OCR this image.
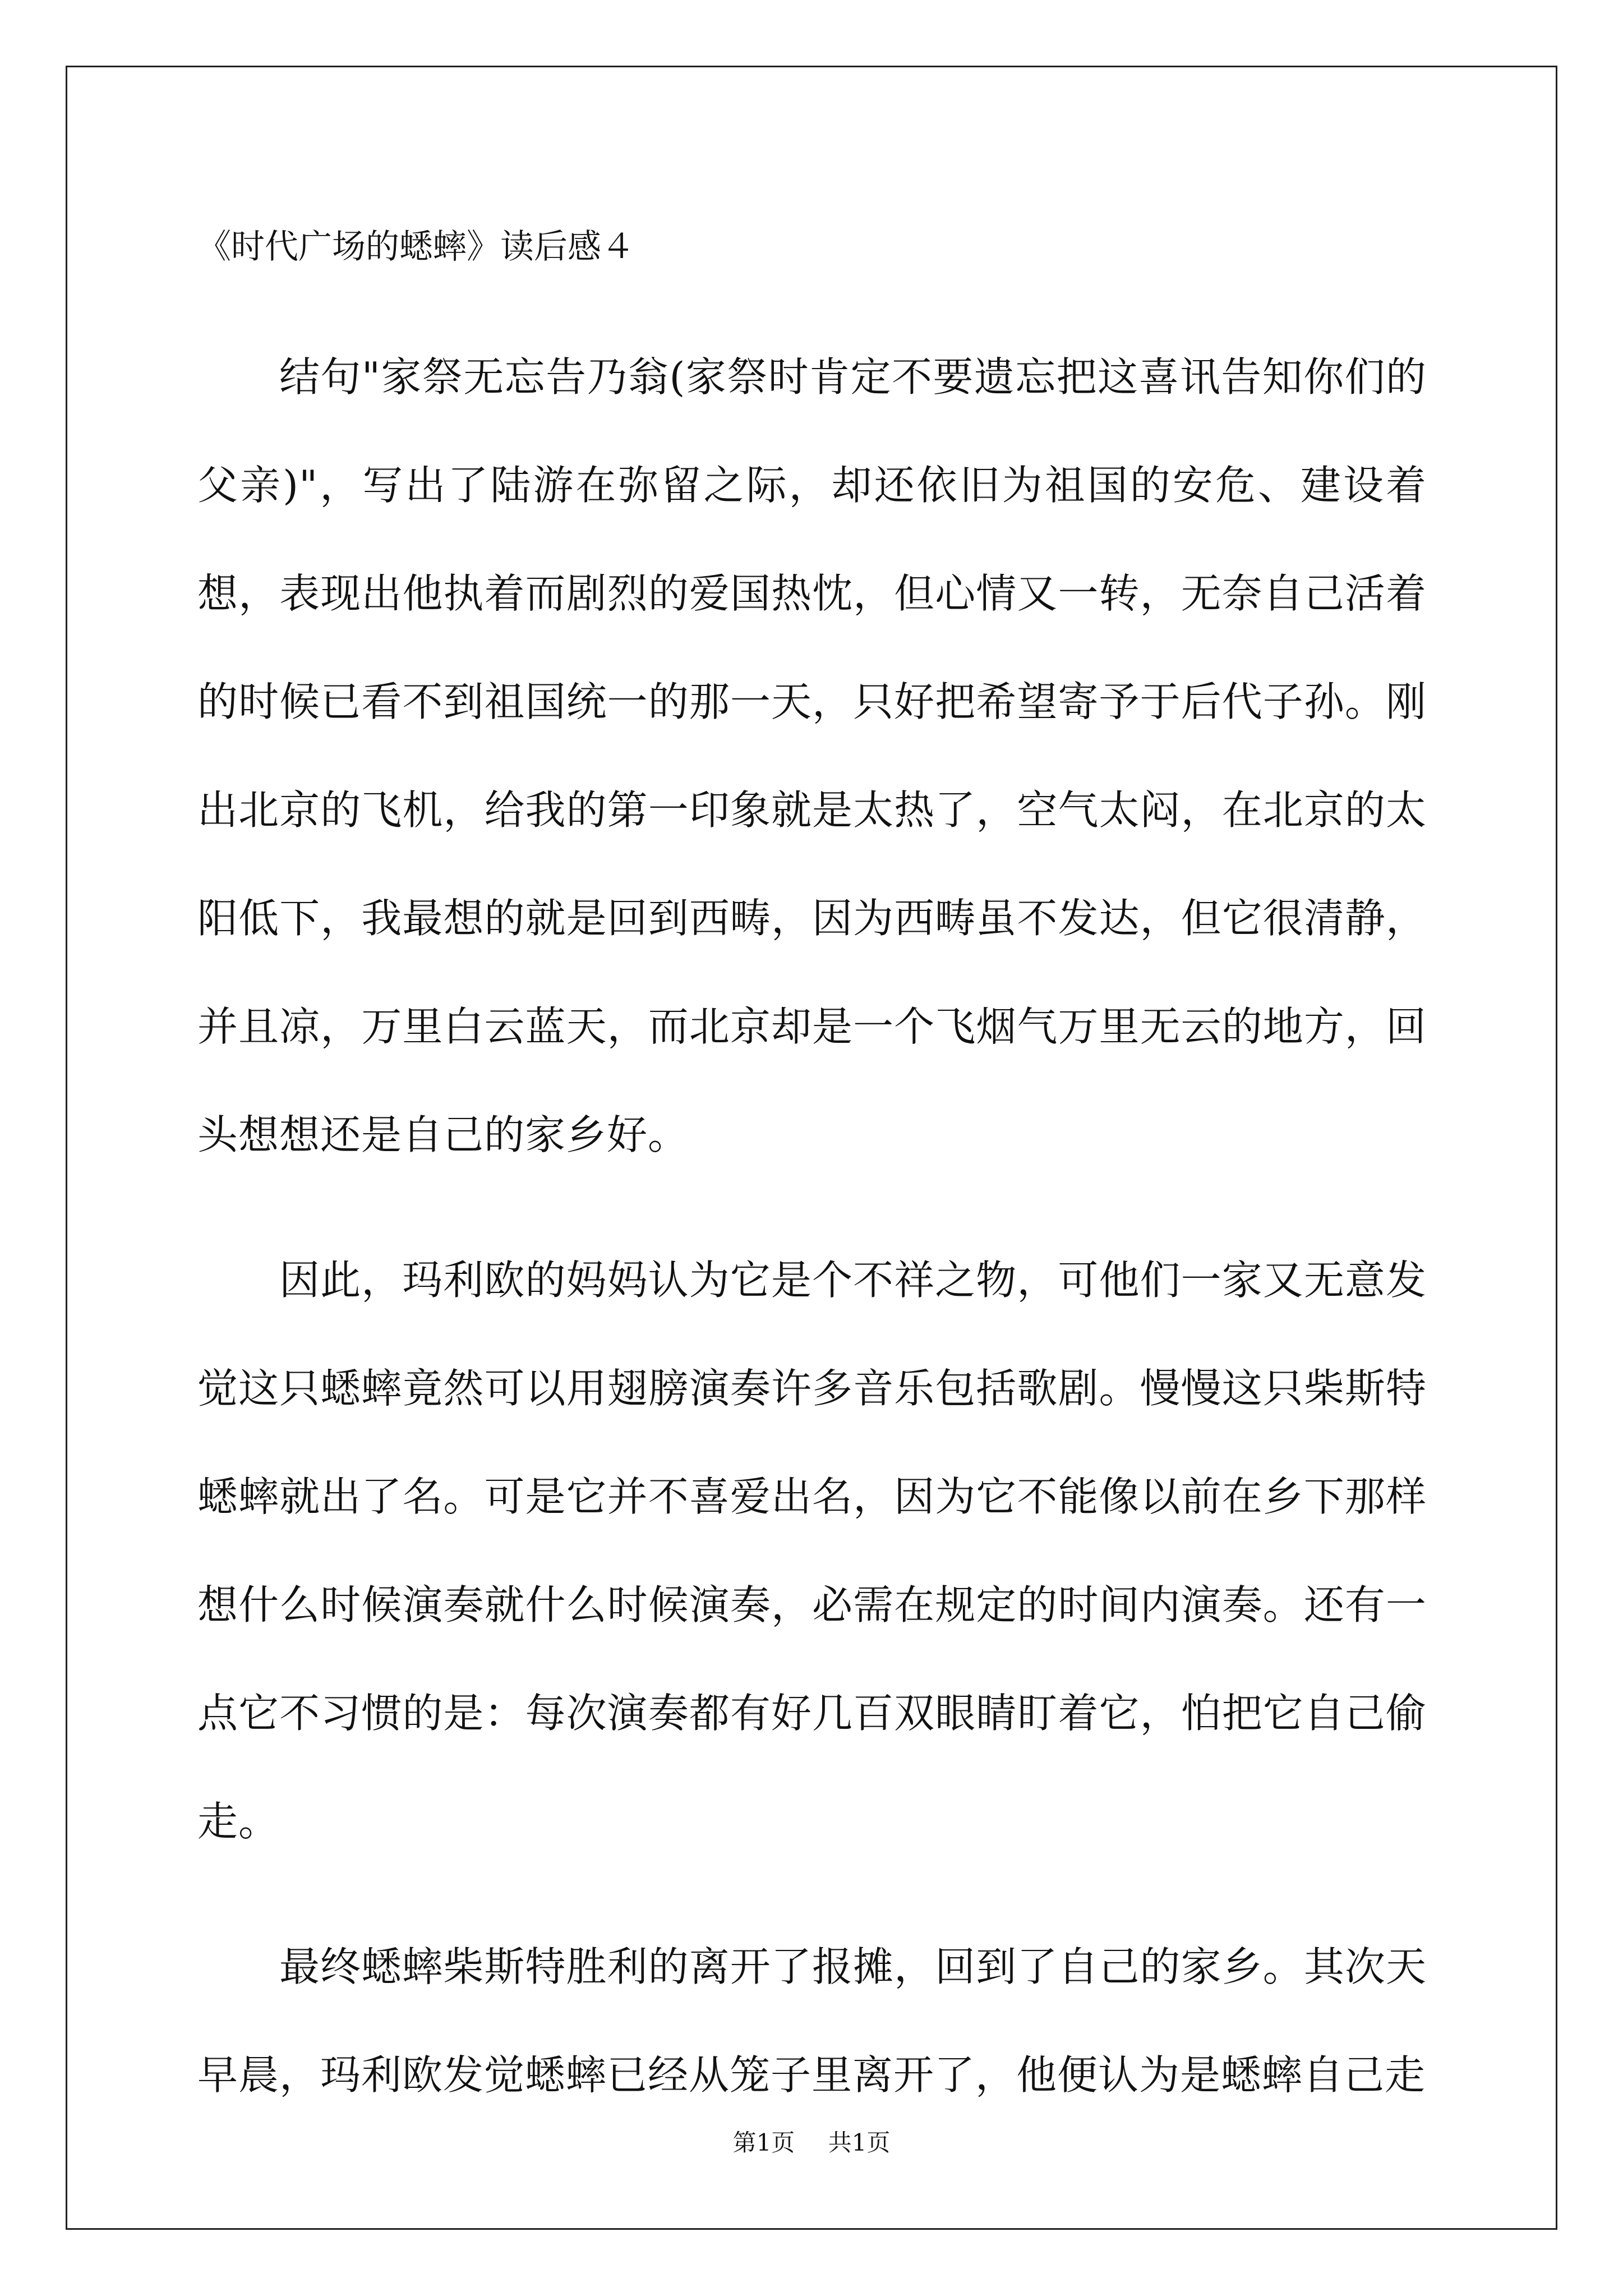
《时代广场的蟋蟀》读后感４

结句"家祭无忘告乃翁(家祭时肯定不要遗忘把这喜讯告知你们的父亲)"，写出了陆游在弥留之际，却还依旧为祖国的安危、建设着想，表现出他执着而剧烈的爱国热忱，但心情又一转，无奈自己活着的时候已看不到祖国统一的那一天，只好把希望寄予于后代子孙。刚出北京的飞机，给我的第一印象就是太热了，空气太闷，在北京的太阳低下，我最想的就是回到西畴，因为西畴虽不发达，但它很清静，并且凉，万里白云蓝天，而北京却是一个飞烟气万里无云的地方，回头想想还是自己的家乡好。

因此，玛利欧的妈妈认为它是个不祥之物，可他们一家又无意发觉这只蟋蟀竟然可以用翅膀演奏许多音乐包括歌剧。慢慢这只柴斯特蟋蟀就出了名。可是它并不喜爱出名，因为它不能像以前在乡下那样想什么时候演奏就什么时候演奏，必需在规定的时间内演奏。还有一点它不习惯的是：每次演奏都有好几百双眼睛盯着它，怕把它自己偷走。

最终蟋蟀柴斯特胜利的离开了报摊，回到了自己的家乡。其次天早晨，玛利欧发觉蟋蟀已经从笼子里离开了，他便认为是蟋蟀自己走

第1页 共1页
